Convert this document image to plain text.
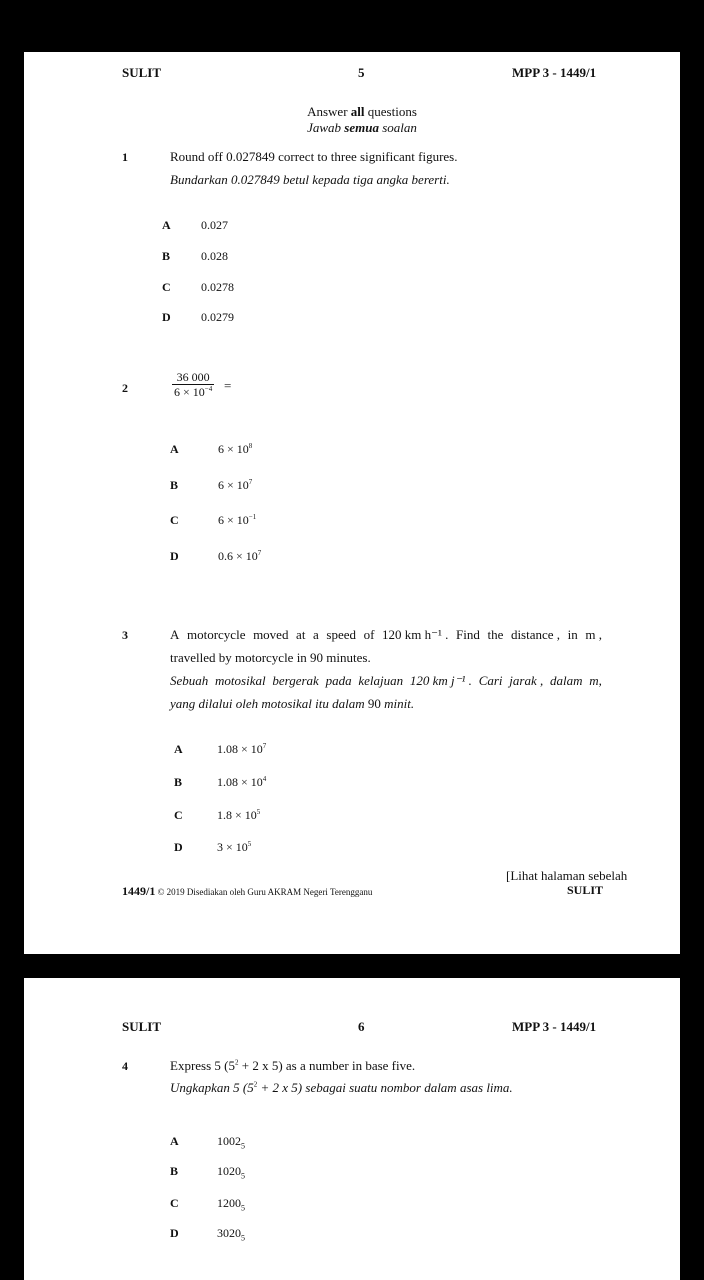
SULIT	5	MPP 3 - 1449/1
Answer all questions
Jawab semua soalan
1	Round off 0.027849 correct to three significant figures.
Bundarkan 0.027849 betul kepada tiga angka bererti.
A	0.027
B	0.028
C	0.0278
D	0.0279
2	$\frac{36 000}{6 \times 10^{-4}}$ =
A	$6 \times 10^8$
B	$6 \times 10^7$
C	$6 \times 10^{-1}$
D	$0.6 \times 10^7$
3	A motorcycle moved at a speed of 120 km h⁻¹ . Find the distance , in m ,
travelled by motorcycle in 90 minutes.
Sebuah motosikal bergerak pada kelajuan 120 km j⁻¹ . Cari jarak , dalam m,
yang dilalui oleh motosikal itu dalam 90 minit.
A	$1.08 \times 10^7$
B	$1.08 \times 10^4$
C	$1.8 \times 10^5$
D	$3 \times 10^5$
[Lihat halaman sebelah
1449/1 © 2019 Disediakan oleh Guru AKRAM Negeri Terengganu	SULIT
SULIT	6	MPP 3 - 1449/1
4	Express 5 ($5^2 + 2$ x 5) as a number in base five.
Ungkapkan 5 ($5^2 + 2$ x 5) sebagai suatu nombor dalam asas lima.
A	$1002_5$
B	$1020_5$
C	$1200_5$
D	$3020_5$
